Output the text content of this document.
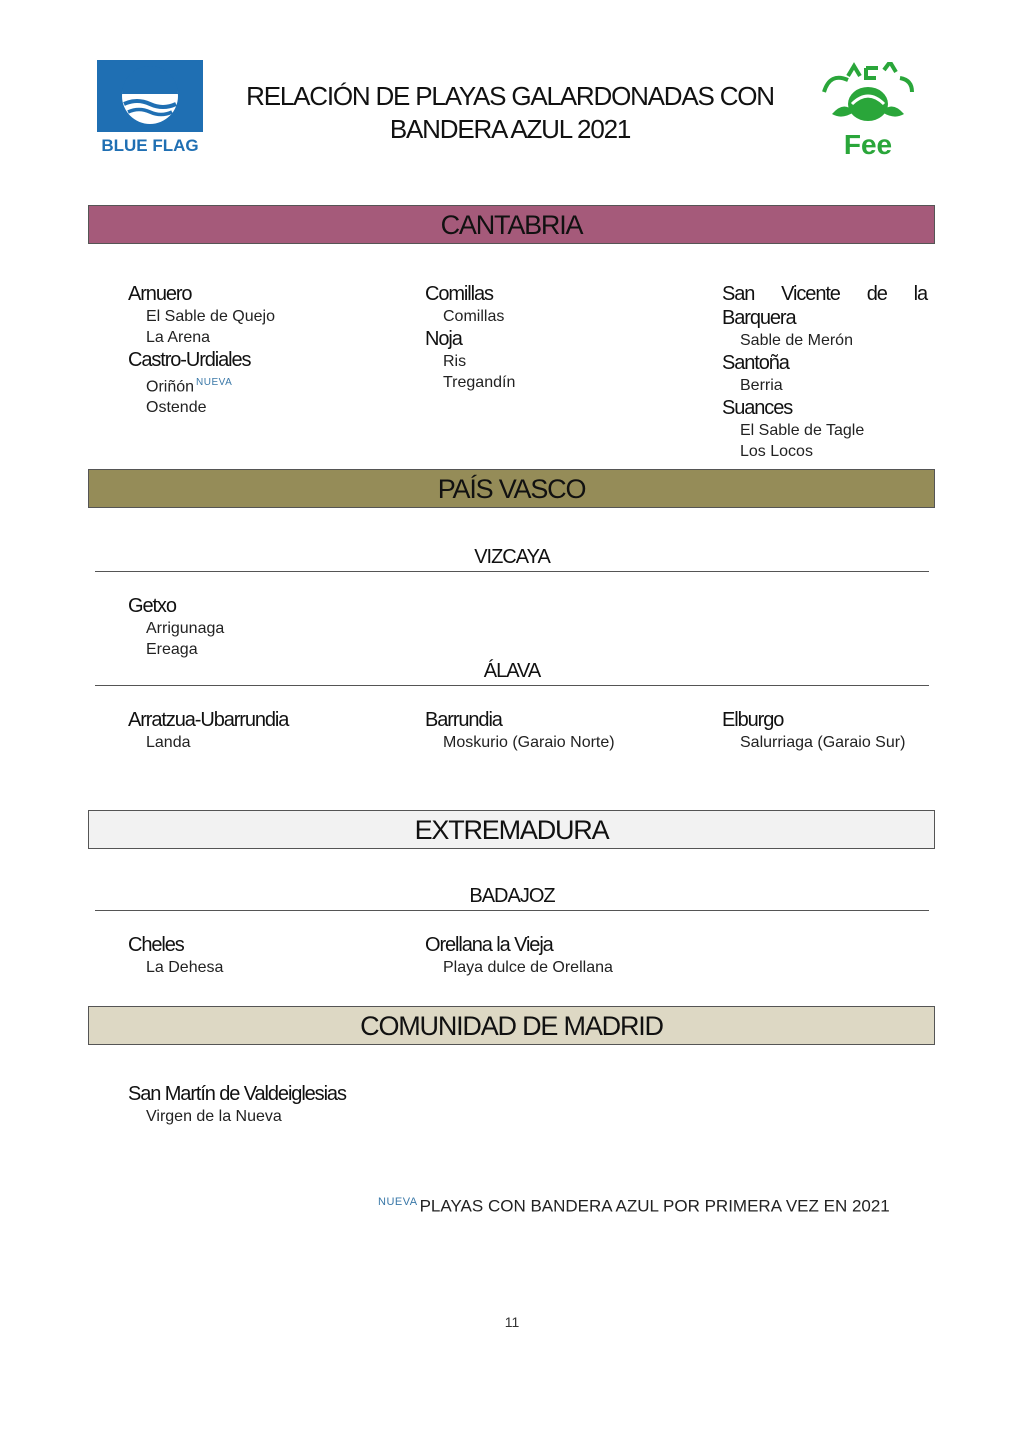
BLUE FLAG
RELACIÓN DE PLAYAS GALARDONADAS CON
BANDERA AZUL 2021	Fee
CANTABRIA

Arnuero

El Sable de Quejo

La Arena

Castro-Urdiales

Oriñón $^{NUEVA}$

Ostende

Comillas

Comillas

Noja

Ris

Tregandín

San Vicente de la

Barquera

Sable de Merón

Santoña

Berria

Suances

El Sable de Tagle

Los Locos

PAÍS VASCO
VIZCAYA

Getxo

Arrigunaga

Ereaga

ÁLAVA

Arratzua-Ubarrundia

Landa

Barrundia

Moskurio (Garaio Norte)

Elburgo

Salurriaga (Garaio Sur)

EXTREMADURA
BADAJOZ

Cheles

La Dehesa

Orellana la Vieja

Playa dulce de Orellana

COMUNIDAD DE MADRID

San Martín de Valdeiglesias

Virgen de la Nueva

$^{NUEVA}$ PLAYAS CON BANDERA AZUL POR PRIMERA VEZ EN 2021
11
